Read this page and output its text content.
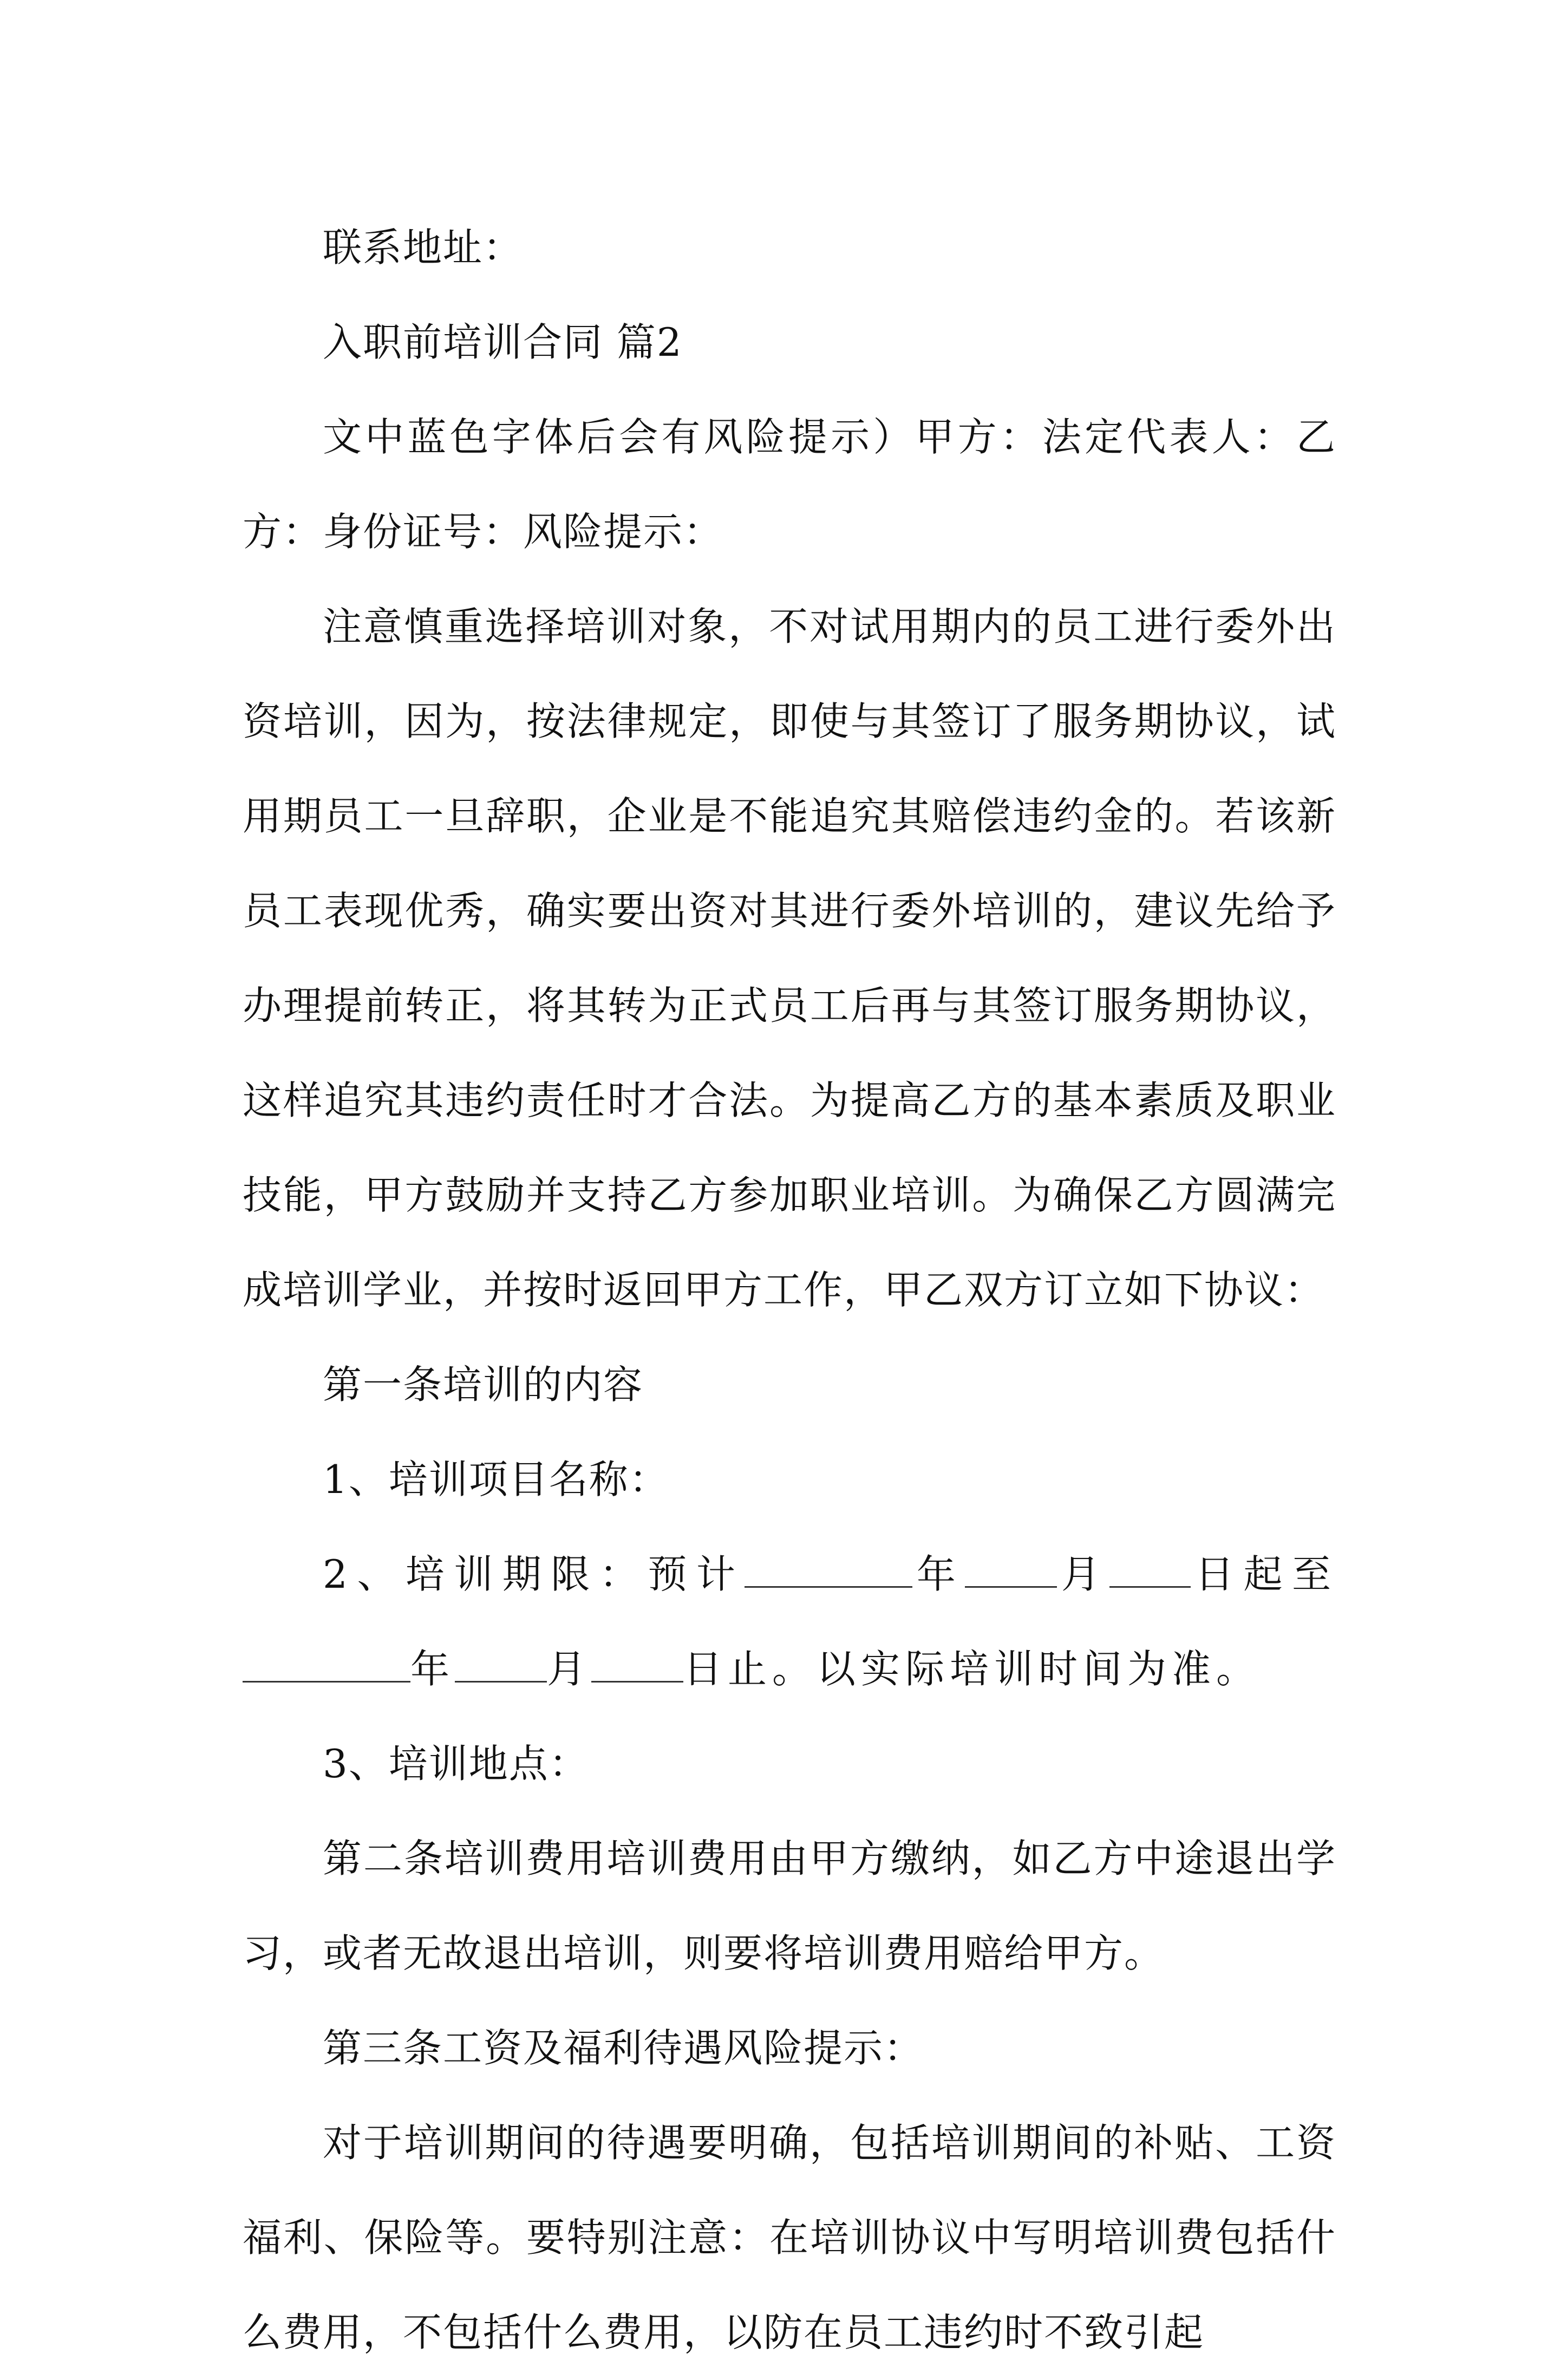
联系地址：

入职前培训合同 篇2

文中蓝色字体后会有风险提示）甲方：法定代表人：乙方：身份证号：风险提示：

注意慎重选择培训对象，不对试用期内的员工进行委外出资培训，因为，按法律规定，即使与其签订了服务期协议，试用期员工一旦辞职，企业是不能追究其赔偿违约金的。若该新员工表现优秀，确实要出资对其进行委外培训的，建议先给予办理提前转正，将其转为正式员工后再与其签订服务期协议，这样追究其违约责任时才合法。为提高乙方的基本素质及职业技能，甲方鼓励并支持乙方参加职业培训。为确保乙方圆满完成培训学业，并按时返回甲方工作，甲乙双方订立如下协议：

第一条培训的内容

1、培训项目名称：

2、培训期限：预计	年 月 日起至年 月 日止。以实际培训时间为准。

3、培训地点：

第二条培训费用培训费用由甲方缴纳，如乙方中途退出学习，或者无故退出培训，则要将培训费用赔给甲方。

第三条工资及福利待遇风险提示：

对于培训期间的待遇要明确，包括培训期间的补贴、工资福利、保险等。要特别注意：在培训协议中写明培训费包括什么费用，不包括什么费用，以防在员工违约时不致引起
